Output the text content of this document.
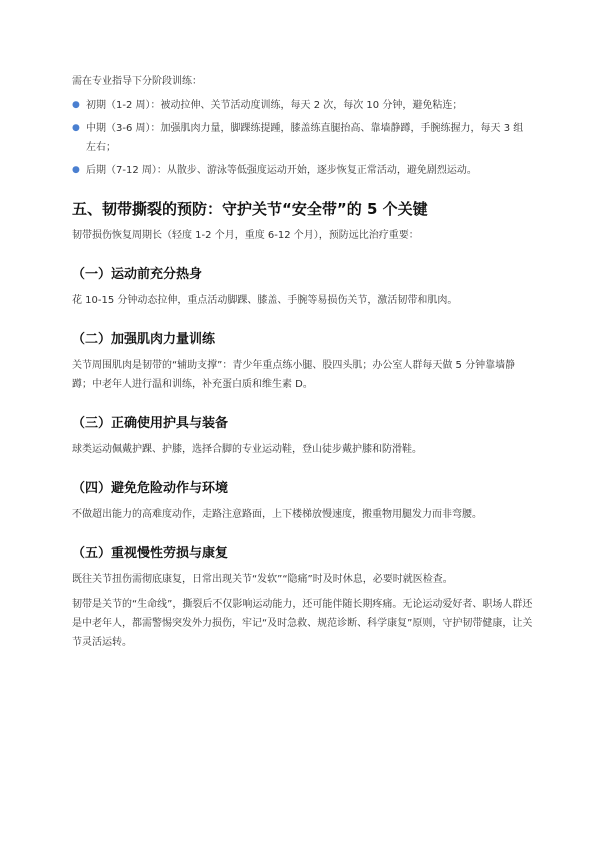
需在专业指导下分阶段训练：

● 初期（1-2 周）：被动拉伸、关节活动度训练，每天 2 次，每次 10 分钟，避免粘连；
● 中期（3-6 周）：加强肌肉力量，脚踝练提踵，膝盖练直腿抬高、靠墙静蹲，手腕练握力，每天 3 组左右；
● 后期（7-12 周）：从散步、游泳等低强度运动开始，逐步恢复正常活动，避免剧烈运动。
五、韧带撕裂的预防：守护关节“安全带”的 5 个关键

韧带损伤恢复周期长（轻度 1-2 个月，重度 6-12 个月），预防远比治疗重要：

（一）运动前充分热身

花 10-15 分钟动态拉伸，重点活动脚踝、膝盖、手腕等易损伤关节，激活韧带和肌肉。

（二）加强肌肉力量训练

关节周围肌肉是韧带的“辅助支撑”：青少年重点练小腿、股四头肌；办公室人群每天做 5 分钟靠墙静蹲；中老年人进行温和训练，补充蛋白质和维生素 D。

（三）正确使用护具与装备

球类运动佩戴护踝、护膝，选择合脚的专业运动鞋，登山徒步戴护膝和防滑鞋。

（四）避免危险动作与环境

不做超出能力的高难度动作，走路注意路面，上下楼梯放慢速度，搬重物用腿发力而非弯腰。

（五）重视慢性劳损与康复

既往关节扭伤需彻底康复，日常出现关节“发软”“隐痛”时及时休息，必要时就医检查。

韧带是关节的“生命线”，撕裂后不仅影响运动能力，还可能伴随长期疼痛。无论运动爱好者、职场人群还是中老年人，都需警惕突发外力损伤，牢记“及时急救、规范诊断、科学康复”原则，守护韧带健康，让关节灵活运转。
